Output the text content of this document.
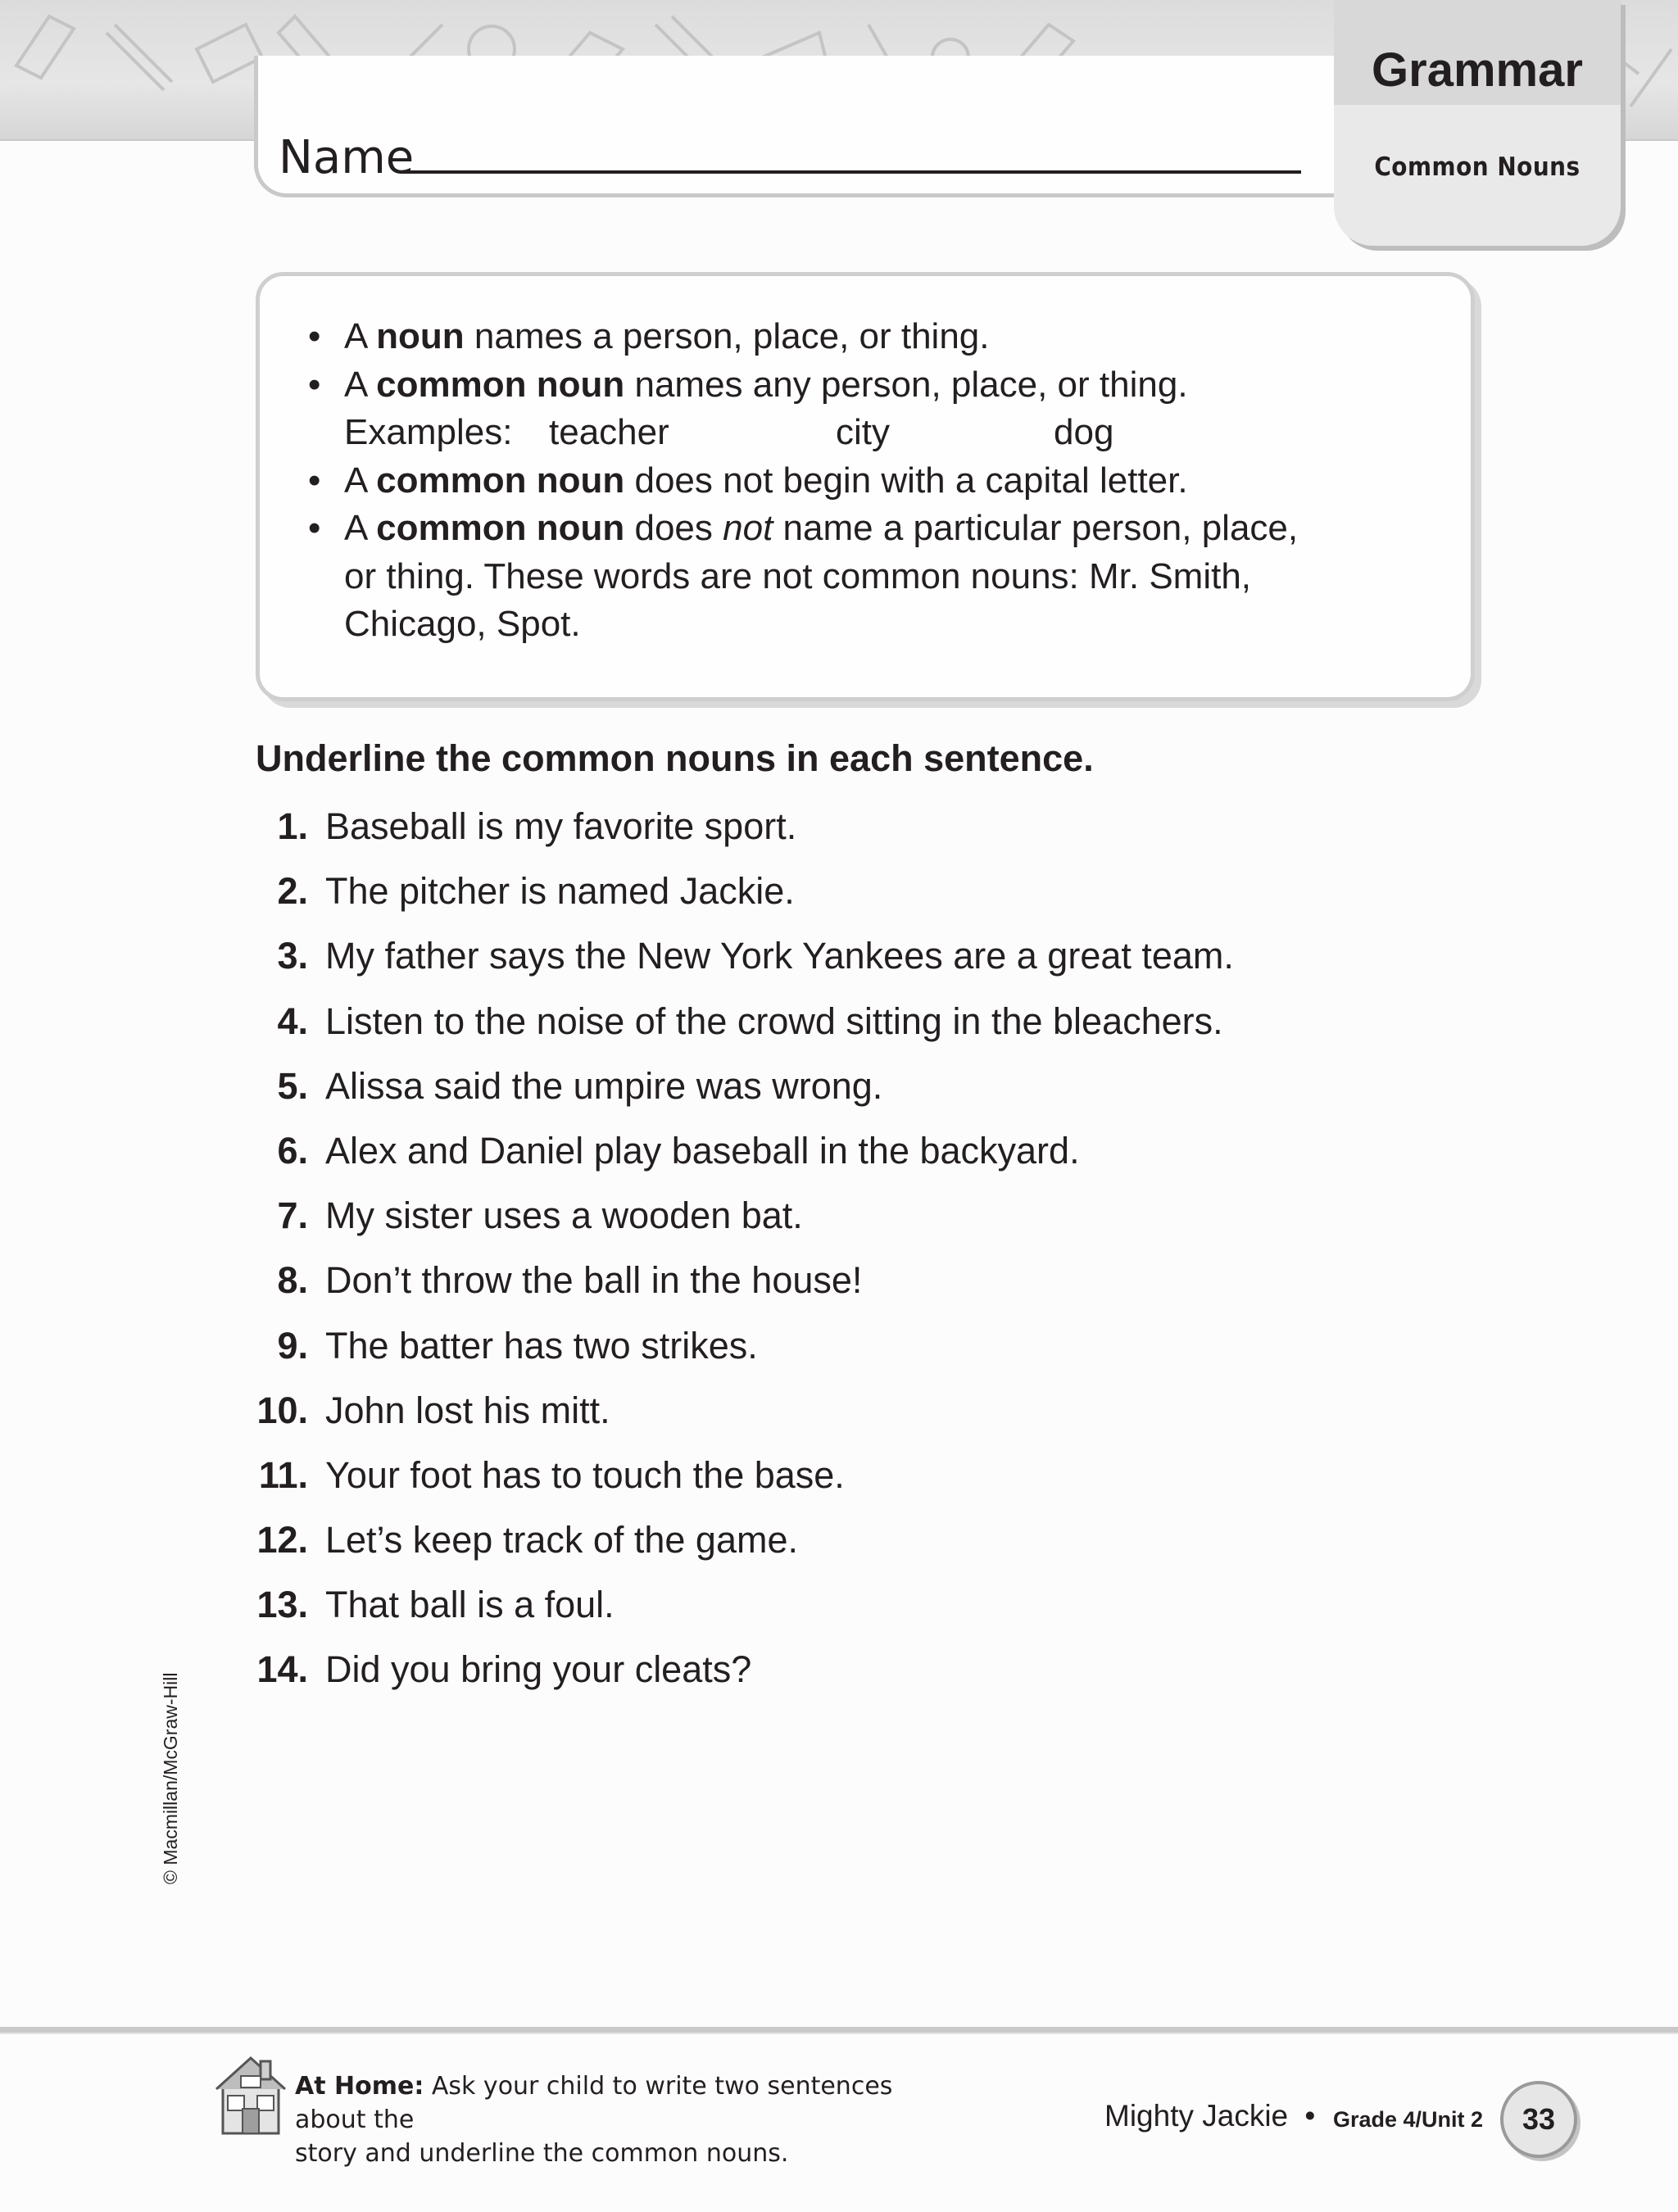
Name
Grammar
Common Nouns
• A noun names a person, place, or thing.
• A common noun names any person, place, or thing.
Examples: teacher	city	dog
• A common noun does not begin with a capital letter.
• A common noun does not name a particular person, place,
or thing. These words are not common nouns: Mr. Smith,
Chicago, Spot.
Underline the common nouns in each sentence.
1. Baseball is my favorite sport.
2. The pitcher is named Jackie.
3. My father says the New York Yankees are a great team.
4. Listen to the noise of the crowd sitting in the bleachers.
5. Alissa said the umpire was wrong.
6. Alex and Daniel play baseball in the backyard.
7. My sister uses a wooden bat.
8. Don’t throw the ball in the house!
9. The batter has two strikes.
10. John lost his mitt.
11. Your foot has to touch the base.
12. Let’s keep track of the game.
13. That ball is a foul.
14. Did you bring your cleats?
© Macmillan/McGraw-Hill
At Home: Ask your child to write two sentences about the
story and underline the common nouns.
Mighty Jackie • Grade 4/Unit 2	33
